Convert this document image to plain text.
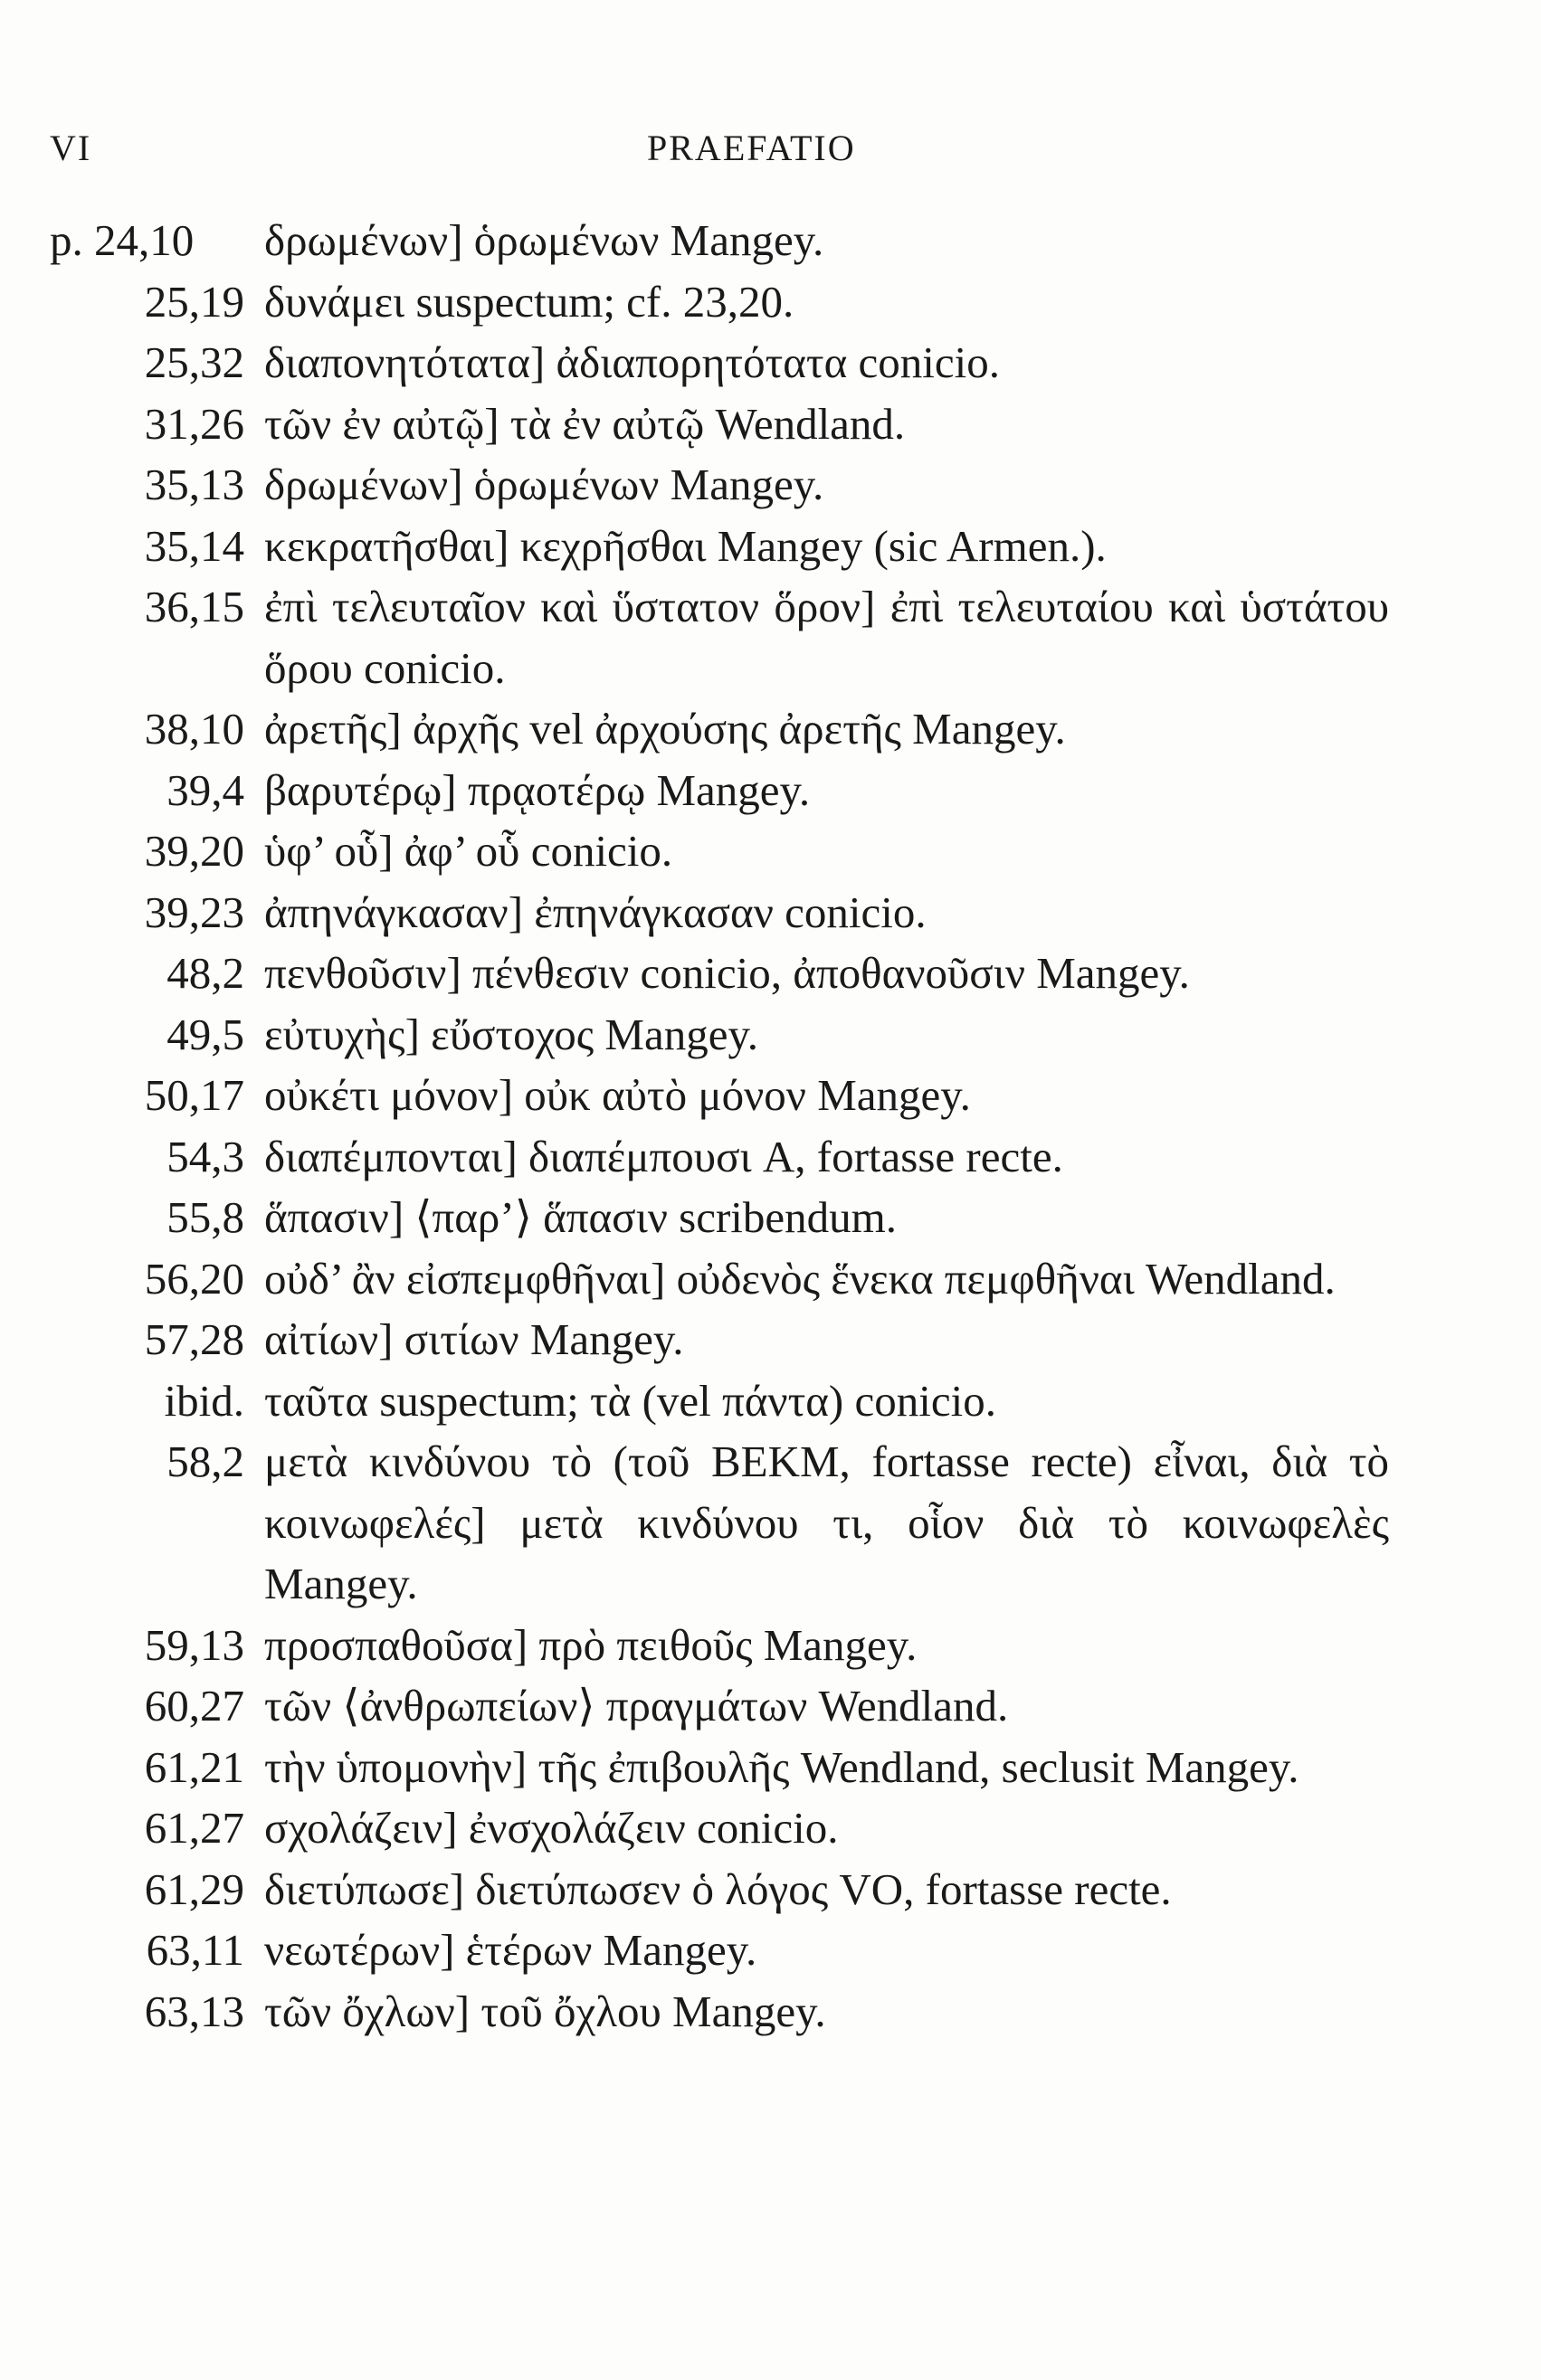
VI	PRAEFATIO
p. 24,10	δρωμένων] ὁρωμένων Mangey.
25,19 δυνάμει suspectum; cf. 23,20.
25,32 διαπονητότατα] ἀδιαπορητότατα conicio.
31,26 τῶν ἐν αὐτῷ] τὰ ἐν αὐτῷ Wendland.
35,13 δρωμένων] ὁρωμένων Mangey.
35,14 κεκρατῆσθαι] κεχρῆσθαι Mangey (sic Armen.).
36,15 ἐπὶ τελευταῖον καὶ ὕστατον ὅρον] ἐπὶ τελευταίου καὶ ὑστάτου ὅρου conicio.
38,10 ἀρετῆς] ἀρχῆς vel ἀρχούσης ἀρετῆς Mangey.
39,4 βαρυτέρῳ] πρᾳοτέρῳ Mangey.
39,20 ὑφ’ οὗ] ἀφ’ οὗ conicio.
39,23 ἀπηνάγκασαν] ἐπηνάγκασαν conicio.
48,2 πενθοῦσιν] πένθεσιν conicio, ἀποθανοῦσιν Mangey.
49,5 εὐτυχὴς] εὔστοχος Mangey.
50,17 οὐκέτι μόνον] οὐκ αὐτὸ μόνον Mangey.
54,3 διαπέμπονται] διαπέμπουσι A, fortasse recte.
55,8 ἅπασιν] ⟨παρ’⟩ ἅπασιν scribendum.
56,20 οὐδ’ ἂν εἰσπεμφθῆναι] οὐδενὸς ἕνεκα πεμφθῆναι Wendland.
57,28 αἰτίων] σιτίων Mangey.
ibid. ταῦτα suspectum; τὰ (vel πάντα) conicio.
58,2 μετὰ κινδύνου τὸ (τοῦ BEKM, fortasse recte) εἶναι, διὰ τὸ κοινωφελές] μετὰ κινδύνου τι, οἷον διὰ τὸ κοινωφελὲς Mangey.
59,13 προσπαθοῦσα] πρὸ πειθοῦς Mangey.
60,27 τῶν ⟨ἀνθρωπείων⟩ πραγμάτων Wendland.
61,21 τὴν ὑπομονὴν] τῆς ἐπιβουλῆς Wendland, seclusit Mangey.
61,27 σχολάζειν] ἐνσχολάζειν conicio.
61,29 διετύπωσε] διετύπωσεν ὁ λόγος VO, fortasse recte.
63,11 νεωτέρων] ἑτέρων Mangey.
63,13 τῶν ὄχλων] τοῦ ὄχλου Mangey.
